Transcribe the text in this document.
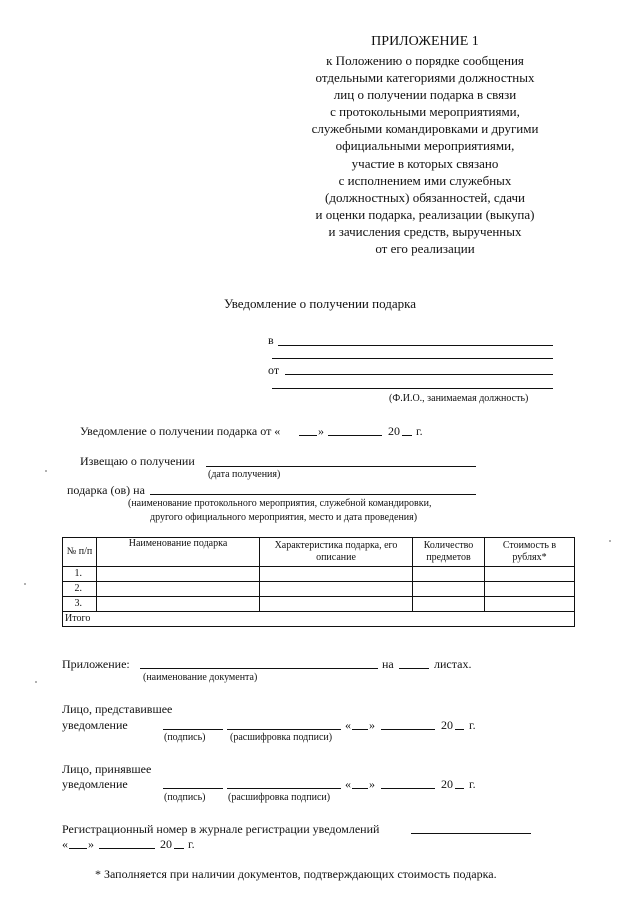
ПРИЛОЖЕНИЕ 1
к Положению о порядке сообщения
отдельными категориями должностных
лиц о получении подарка в связи
с протокольными мероприятиями,
служебными командировками и другими
официальными мероприятиями,
участие в которых связано
с исполнением ими служебных
(должностных) обязанностей, сдачи
и оценки подарка, реализации (выкупа)
и зачисления средств, вырученных
от его реализации
Уведомление о получении подарка
в
от
(Ф.И.О., занимаемая должность)
Уведомление о получении подарка от «	»	20 г.
Извещаю о получении
(дата получения)
подарка (ов) на
(наименование протокольного мероприятия, служебной командировки,
другого официального мероприятия, место и дата проведения)
№ п/п	Наименование подарка	Характеристика подарка, его описание	Количество предметов	Стоимость в рублях*
1.				
2.				
3.				
Итого				
Приложение:	на	листах.
(наименование документа)
Лицо, представившее
уведомление	« »	20 г.
(подпись) (расшифровка подписи)
Лицо, принявшее
уведомление	« »	20 г.
(подпись) (расшифровка подписи)
Регистрационный номер в журнале регистрации уведомлений
« »	20 г.
* Заполняется при наличии документов, подтверждающих стоимость подарка.
